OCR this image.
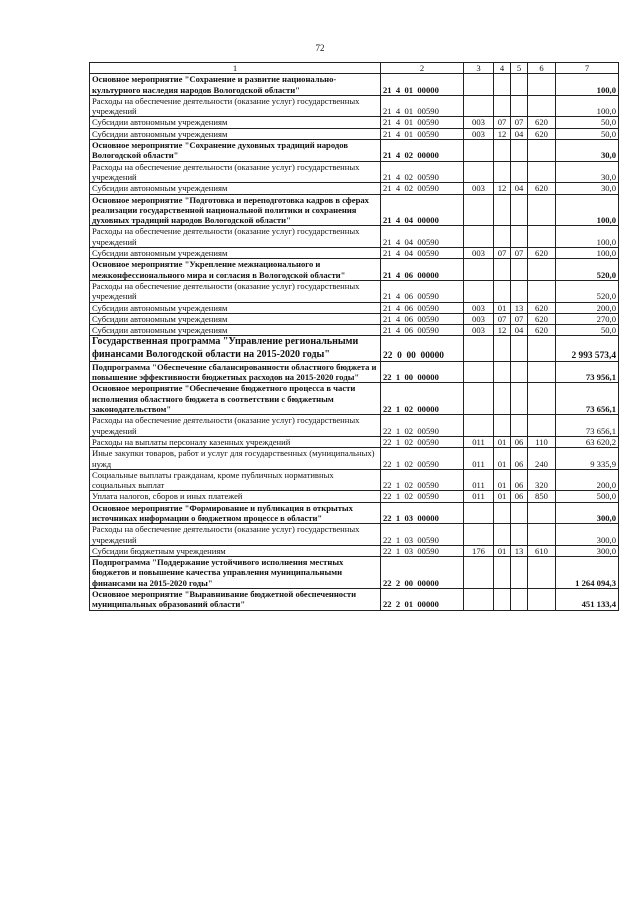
72
1	2	3	4	5	6	7
Основное мероприятие "Сохранение и развитие национально-культурного наследия народов Вологодской области"	21  4  01  00000					100,0
Расходы на обеспечение деятельности (оказание услуг) государственных учреждений	21  4  01  00590					100,0
Субсидии автономным учреждениям	21  4  01  00590	003	07	07	620	50,0
Субсидии автономным учреждениям	21  4  01  00590	003	12	04	620	50,0
Основное мероприятие "Сохранение духовных традиций народов Вологодской области"	21  4  02  00000					30,0
Расходы на обеспечение деятельности (оказание услуг) государственных учреждений	21  4  02  00590					30,0
Субсидии автономным учреждениям	21  4  02  00590	003	12	04	620	30,0
Основное мероприятие "Подготовка и переподготовка кадров в сферах реализации государственной национальной политики и сохранения духовных традиций народов Вологодской области"	21  4  04  00000					100,0
Расходы на обеспечение деятельности (оказание услуг) государственных учреждений	21  4  04  00590					100,0
Субсидии автономным учреждениям	21  4  04  00590	003	07	07	620	100,0
Основное мероприятие "Укрепление межнационального и межконфессионального мира и согласия в Вологодской области"	21  4  06  00000					520,0
Расходы на обеспечение деятельности (оказание услуг) государственных учреждений	21  4  06  00590					520,0
Субсидии автономным учреждениям	21  4  06  00590	003	01	13	620	200,0
Субсидии автономным учреждениям	21  4  06  00590	003	07	07	620	270,0
Субсидии автономным учреждениям	21  4  06  00590	003	12	04	620	50,0
Государственная программа "Управление региональными финансами Вологодской области на 2015-2020 годы"	22  0  00  00000					2 993 573,4
Подпрограмма "Обеспечение сбалансированности областного бюджета и повышение эффективности бюджетных расходов на 2015-2020 годы"	22  1  00  00000					73 956,1
Основное мероприятие "Обеспечение бюджетного процесса в части исполнения областного бюджета в соответствии с бюджетным законодательством"	22  1  02  00000					73 656,1
Расходы на обеспечение деятельности (оказание услуг) государственных учреждений	22  1  02  00590					73 656,1
Расходы на выплаты персоналу казенных учреждений	22  1  02  00590	011	01	06	110	63 620,2
Иные закупки товаров, работ и услуг для государственных (муниципальных) нужд	22  1  02  00590	011	01	06	240	9 335,9
Социальные выплаты гражданам, кроме публичных нормативных социальных выплат	22  1  02  00590	011	01	06	320	200,0
Уплата налогов, сборов и иных платежей	22  1  02  00590	011	01	06	850	500,0
Основное мероприятие "Формирование и публикация в открытых источниках информации о бюджетном процессе в области"	22  1  03  00000					300,0
Расходы на обеспечение деятельности (оказание услуг) государственных учреждений	22  1  03  00590					300,0
Субсидии бюджетным учреждениям	22  1  03  00590	176	01	13	610	300,0
Подпрограмма "Поддержание устойчивого исполнения местных бюджетов и повышение качества управления муниципальными финансами на 2015-2020 годы"	22  2  00  00000					1 264 094,3
Основное мероприятие "Выравнивание бюджетной обеспеченности муниципальных образований области"	22  2  01  00000					451 133,4
